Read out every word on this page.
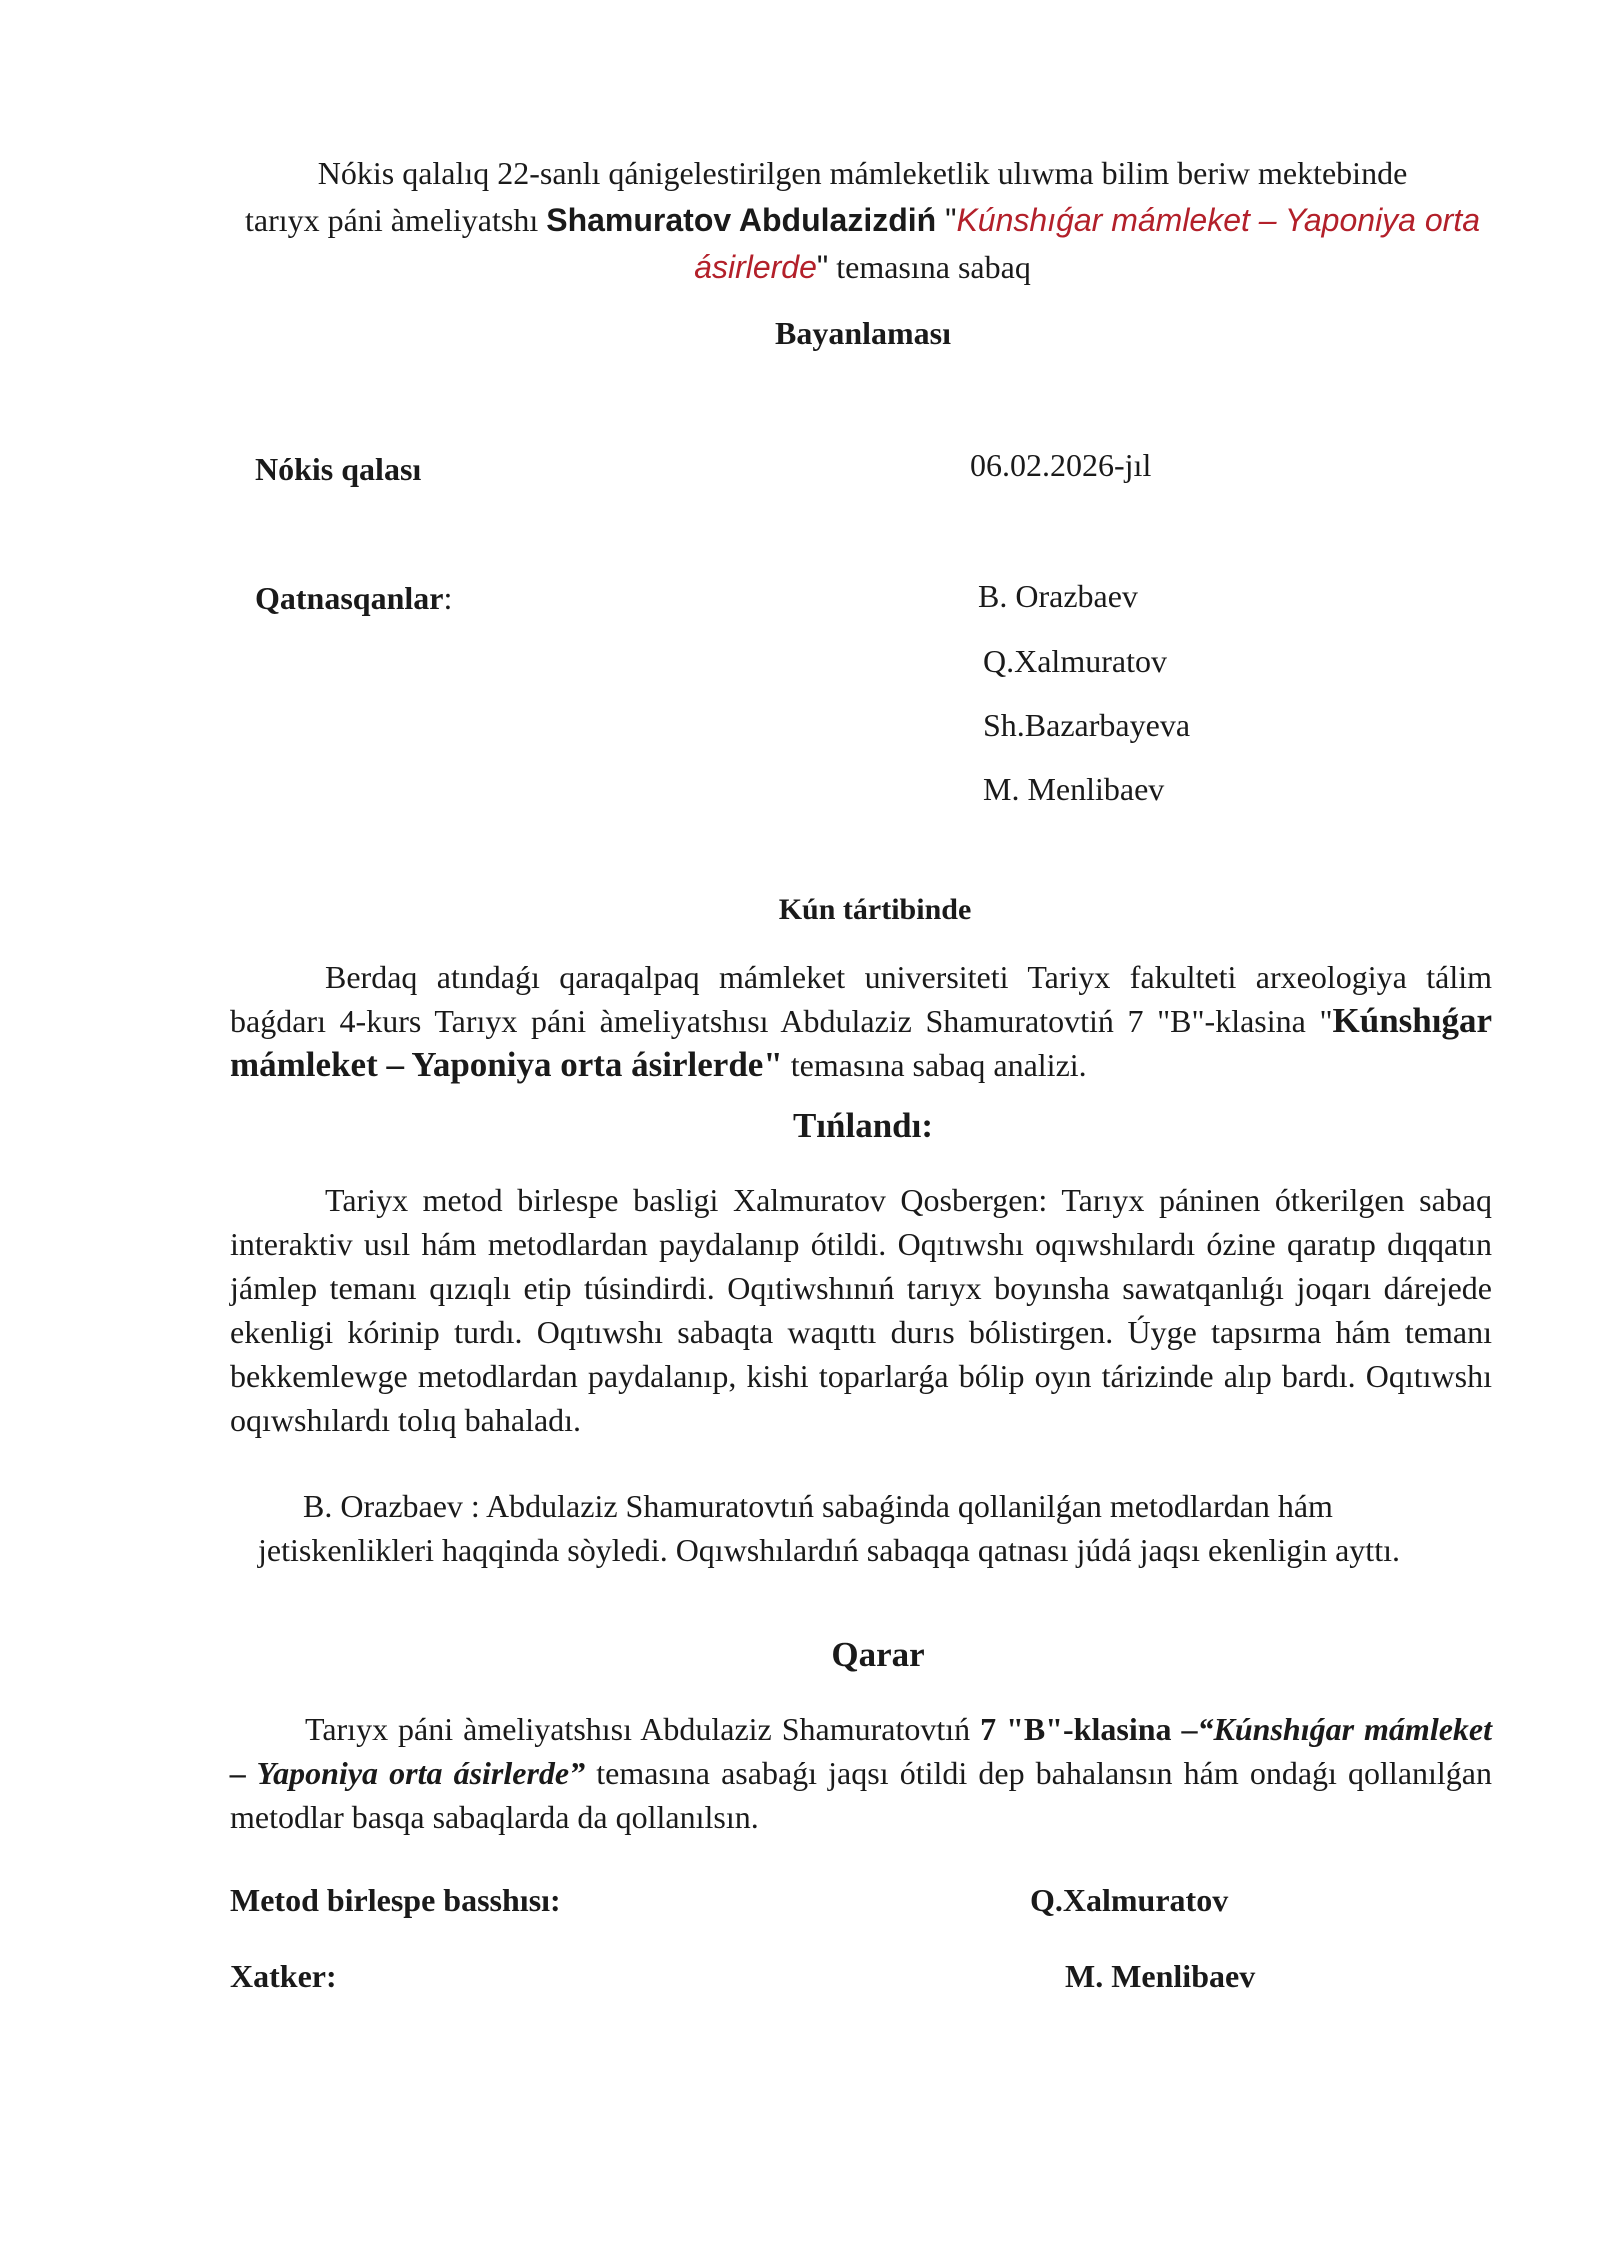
Nókis qalalıq 22-sanlı qánigelestirilgen mámleketlik ulıwma bilim beriw mektebinde
tarıyx páni àmeliyatshı Shamuratov Abdulazizdiń "Kúnshıǵar mámleket – Yaponiya orta ásirlerde" temasına sabaq
Bayanlaması
Nókis qalası	06.02.2026-jıl
Qatnasqanlar:	B. Orazbaev
Q.Xalmuratov
Sh.Bazarbayeva
M. Menlibaev
Kún tártibinde
Berdaq atındaǵı qaraqalpaq mámleket universiteti Tariyx fakulteti arxeologiya tálim baǵdarı 4-kurs Tarıyx páni àmeliyatshısı Abdulaziz Shamuratovtiń 7 "B"-klasina "Kúnshıǵar mámleket – Yaponiya orta ásirlerde" temasına sabaq analizi.
Tıńlandı:
Tariyx metod birlespe basligi Xalmuratov Qosbergen: Tarıyx páninen ótkerilgen sabaq interaktiv usıl hám metodlardan paydalanıp ótildi. Oqıtıwshı oqıwshılardı ózine qaratıp dıqqatın jámlep temanı qızıqlı etip túsindirdi. Oqıtiwshınıń tarıyx boyınsha sawatqanlıǵı joqarı dárejede ekenligi kórinip turdı. Oqıtıwshı sabaqta waqıttı durıs bólistirgen. Úyge tapsırma hám temanı bekkemlewge metodlardan paydalanıp, kishi toparlarǵa bólip oyın tárizinde alıp bardı. Oqıtıwshı oqıwshılardı tolıq bahaladı.
B. Orazbaev : Abdulaziz Shamuratovtıń sabaǵinda qollanilǵan metodlardan hám jetiskenlikleri haqqinda sòyledi. Oqıwshılardıń sabaqqa qatnası júdá jaqsı ekenligin ayttı.
Qarar
Tarıyx páni àmeliyatshısı Abdulaziz Shamuratovtıń 7 "B"-klasina –“Kúnshıǵar mámleket – Yaponiya orta ásirlerde” temasına asabaǵı jaqsı ótildi dep bahalansın hám ondaǵı qollanılǵan metodlar basqa sabaqlarda da qollanılsın.
Metod birlespe basshısı:	Q.Xalmuratov
Xatker:	M. Menlibaev
